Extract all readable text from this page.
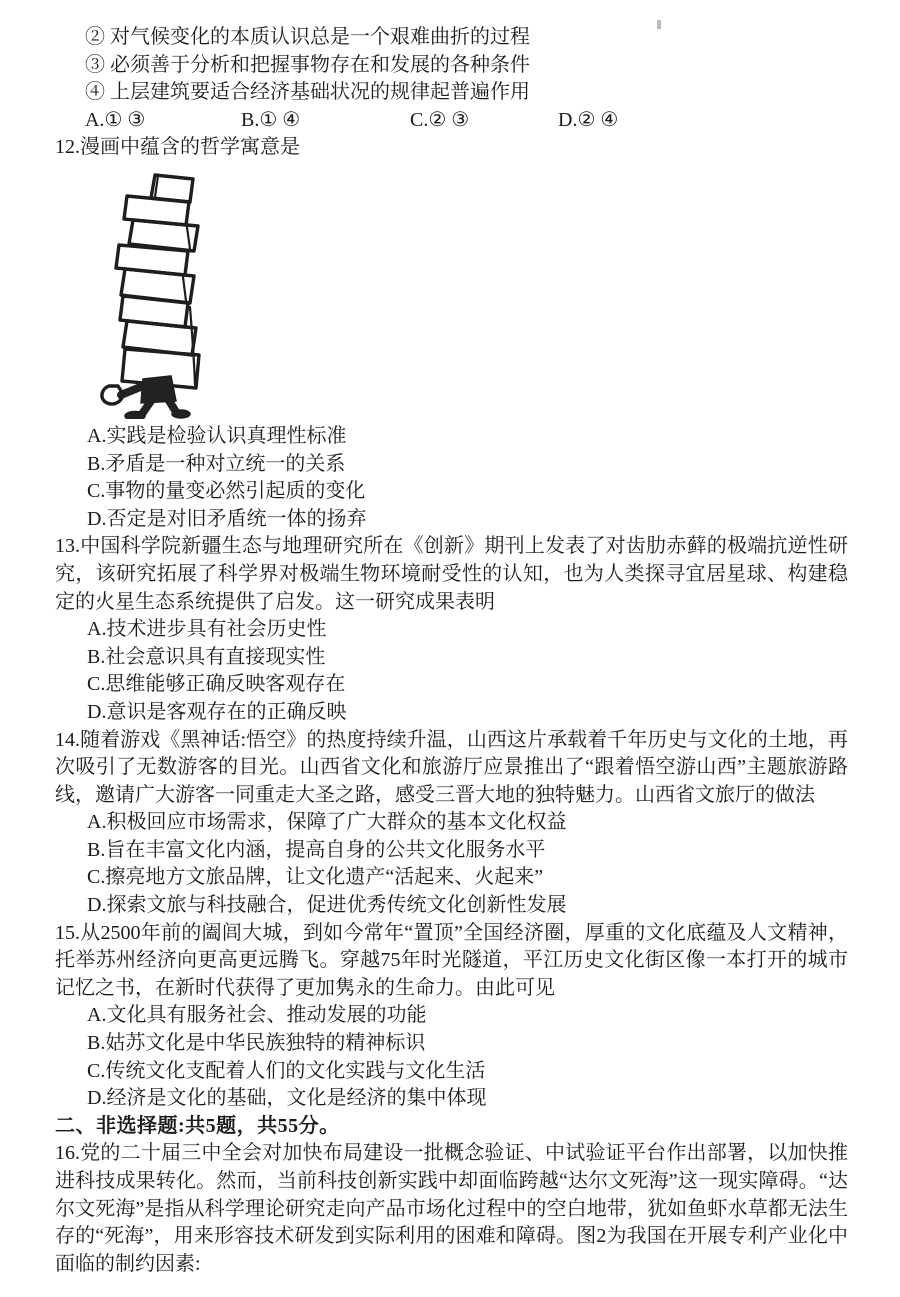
② 对气候变化的本质认识总是一个艰难曲折的过程

③ 必须善于分析和把握事物存在和发展的各种条件

④ 上层建筑要适合经济基础状况的规律起普遍作用

A.① ③	B.① ④	C.② ③	D.② ④

12.漫画中蕴含的哲学寓意是

A.实践是检验认识真理性标准

B.矛盾是一种对立统一的关系

C.事物的量变必然引起质的变化

D.否定是对旧矛盾统一体的扬弃

13.中国科学院新疆生态与地理研究所在《创新》期刊上发表了对齿肋赤藓的极端抗逆性研究，该研究拓展了科学界对极端生物环境耐受性的认知，也为人类探寻宜居星球、构建稳定的火星生态系统提供了启发。这一研究成果表明

A.技术进步具有社会历史性

B.社会意识具有直接现实性

C.思维能够正确反映客观存在

D.意识是客观存在的正确反映

14.随着游戏《黑神话:悟空》的热度持续升温，山西这片承载着千年历史与文化的土地，再次吸引了无数游客的目光。山西省文化和旅游厅应景推出了“跟着悟空游山西”主题旅游路线，邀请广大游客一同重走大圣之路，感受三晋大地的独特魅力。山西省文旅厅的做法

A.积极回应市场需求，保障了广大群众的基本文化权益

B.旨在丰富文化内涵，提高自身的公共文化服务水平

C.擦亮地方文旅品牌，让文化遗产“活起来、火起来”

D.探索文旅与科技融合，促进优秀传统文化创新性发展

15.从2500年前的阖闾大城，到如今常年“置顶”全国经济圈，厚重的文化底蕴及人文精神，托举苏州经济向更高更远腾飞。穿越75年时光隧道，平江历史文化街区像一本打开的城市记忆之书，在新时代获得了更加隽永的生命力。由此可见

A.文化具有服务社会、推动发展的功能

B.姑苏文化是中华民族独特的精神标识

C.传统文化支配着人们的文化实践与文化生活

D.经济是文化的基础，文化是经济的集中体现

二、非选择题:共5题，共55分。

16.党的二十届三中全会对加快布局建设一批概念验证、中试验证平台作出部署，以加快推进科技成果转化。然而，当前科技创新实践中却面临跨越“达尔文死海”这一现实障碍。“达尔文死海”是指从科学理论研究走向产品市场化过程中的空白地带，犹如鱼虾水草都无法生存的“死海”，用来形容技术研发到实际利用的困难和障碍。图2为我国在开展专利产业化中面临的制约因素:
